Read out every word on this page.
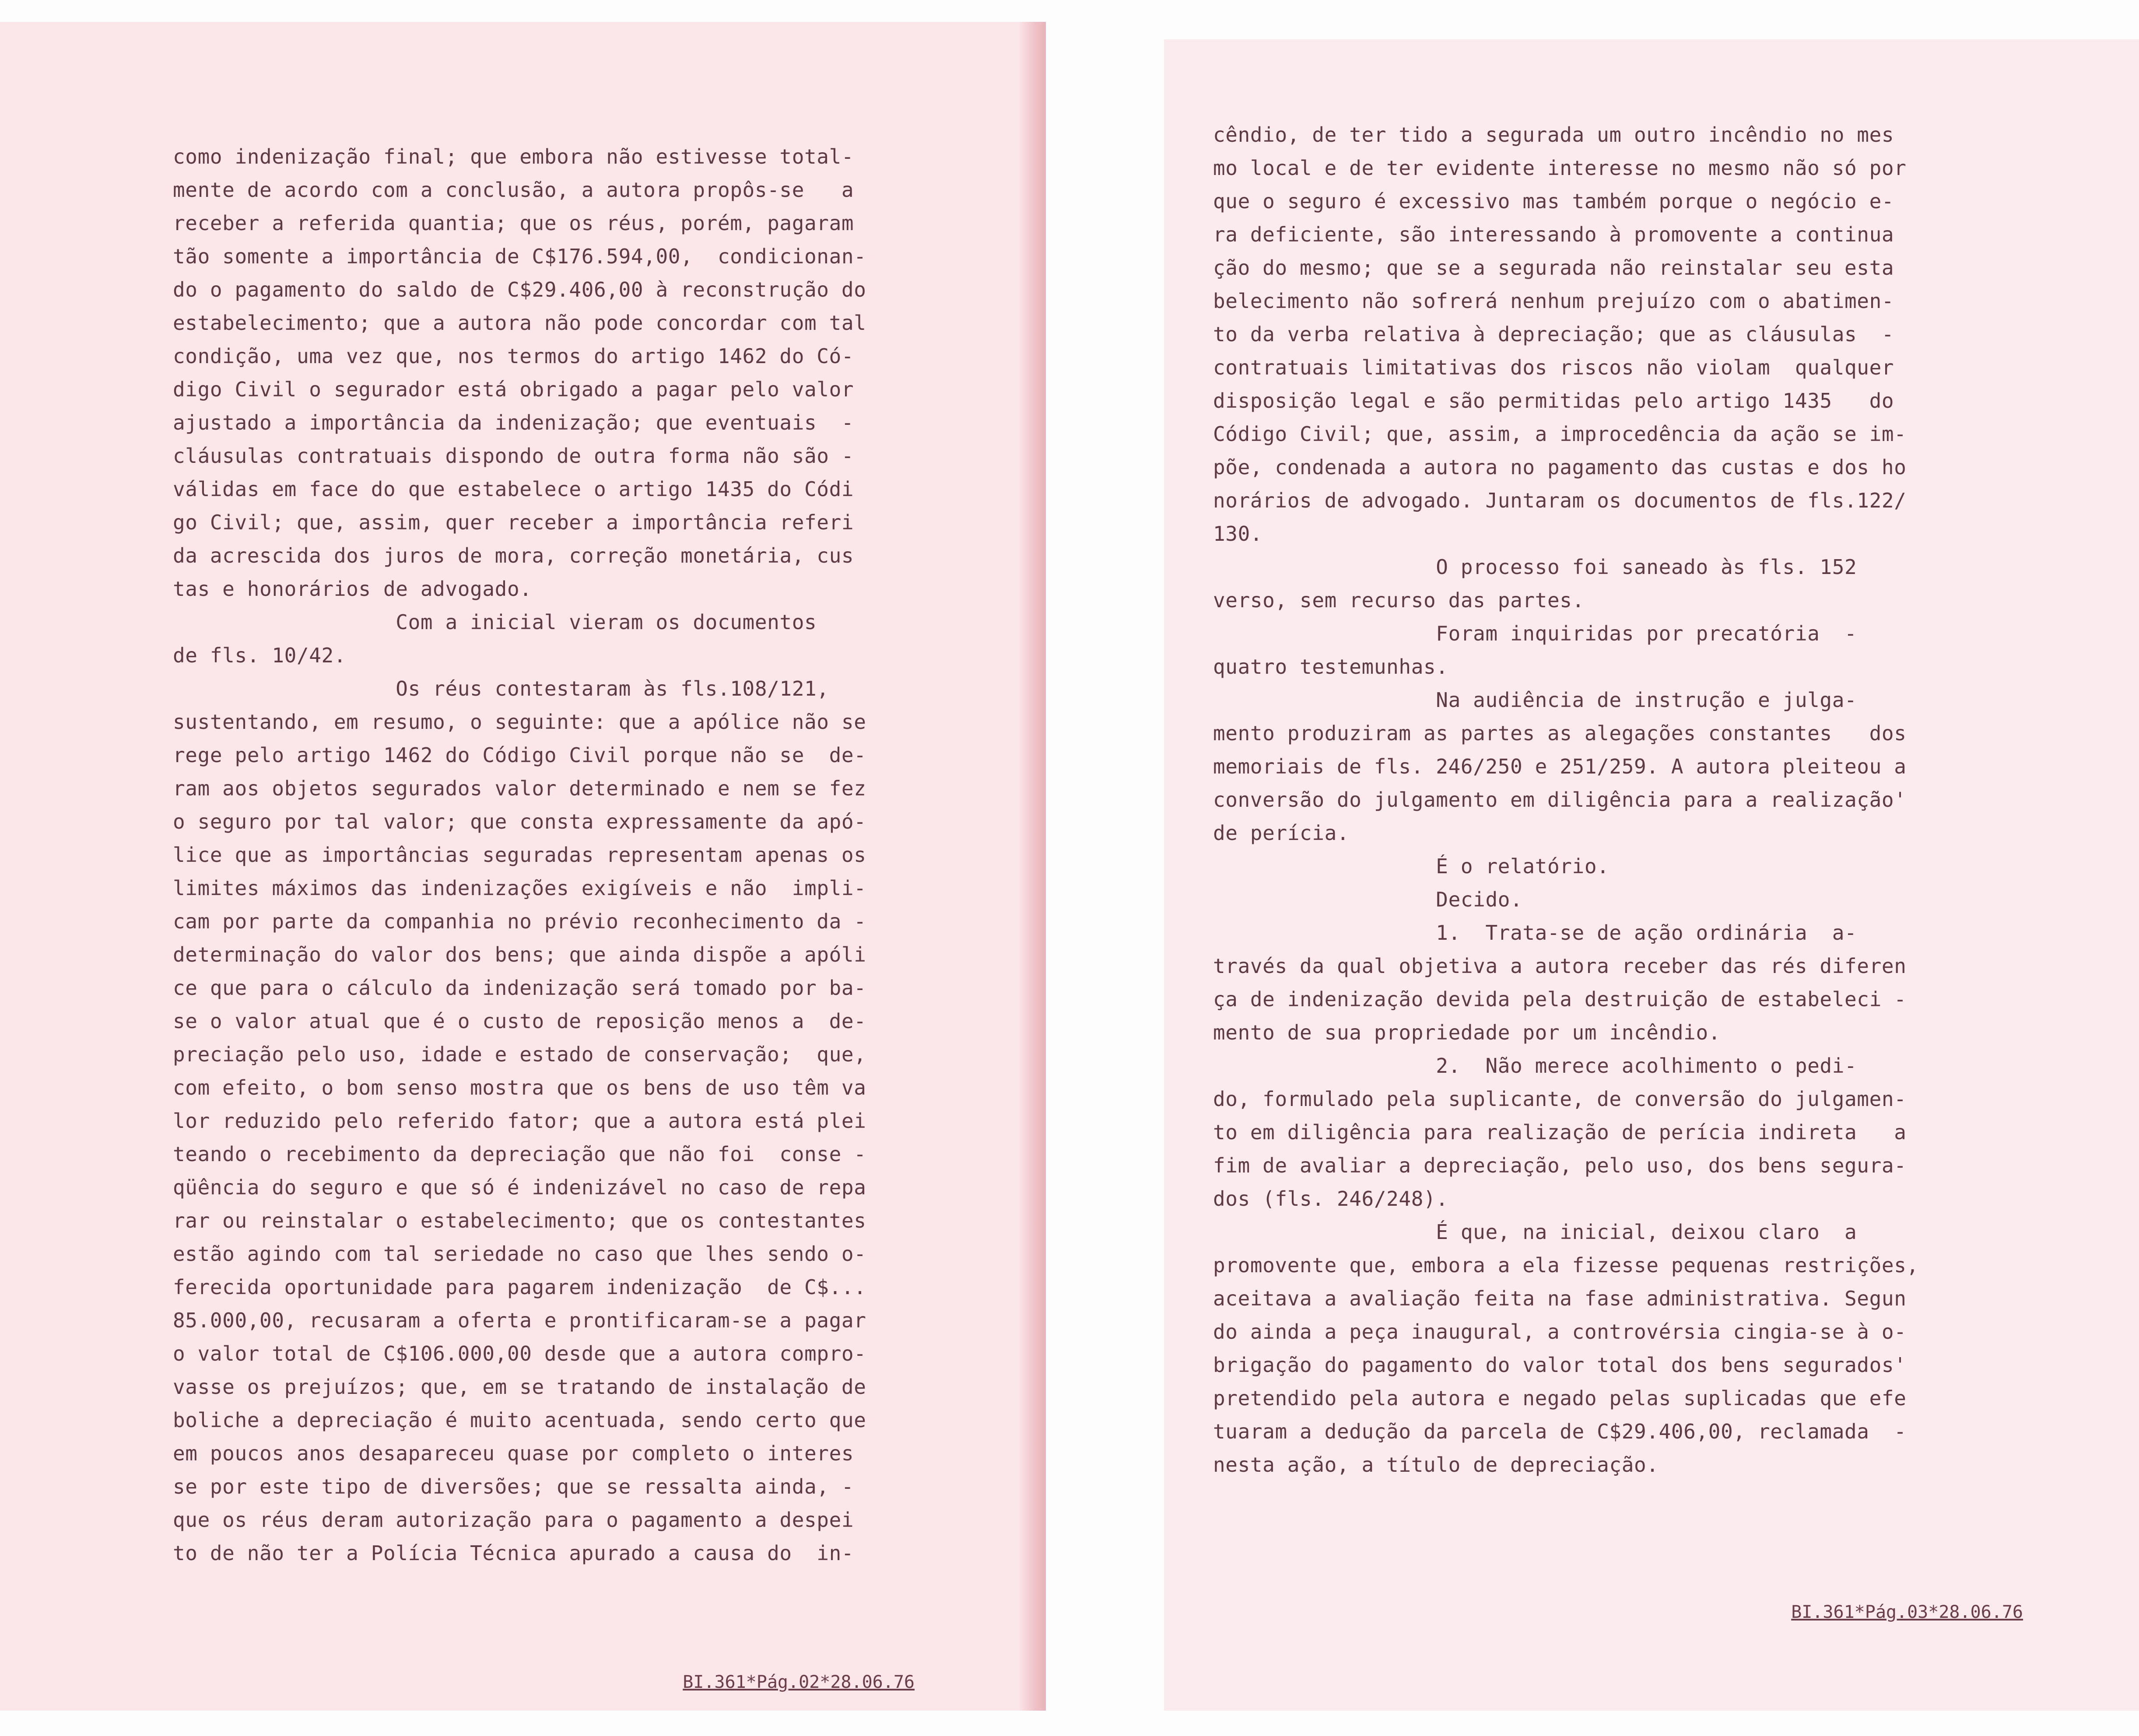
como indenização final; que embora não estivesse total-
mente de acordo com a conclusão, a autora propôs-se   a
receber a referida quantia; que os réus, porém, pagaram
tão somente a importância de C$176.594,00,  condicionan-
do o pagamento do saldo de C$29.406,00 à reconstrução do
estabelecimento; que a autora não pode concordar com tal
condição, uma vez que, nos termos do artigo 1462 do Có-
digo Civil o segurador está obrigado a pagar pelo valor
ajustado a importância da indenização; que eventuais  -
cláusulas contratuais dispondo de outra forma não são -
válidas em face do que estabelece o artigo 1435 do Códi
go Civil; que, assim, quer receber a importância referi
da acrescida dos juros de mora, correção monetária, cus
tas e honorários de advogado.
Com a inicial vieram os documentos
de fls. 10/42.
Os réus contestaram às fls.108/121,
sustentando, em resumo, o seguinte: que a apólice não se
rege pelo artigo 1462 do Código Civil porque não se  de-
ram aos objetos segurados valor determinado e nem se fez
o seguro por tal valor; que consta expressamente da apó-
lice que as importâncias seguradas representam apenas os
limites máximos das indenizações exigíveis e não  impli-
cam por parte da companhia no prévio reconhecimento da -
determinação do valor dos bens; que ainda dispõe a apóli
ce que para o cálculo da indenização será tomado por ba-
se o valor atual que é o custo de reposição menos a  de-
preciação pelo uso, idade e estado de conservação;  que,
com efeito, o bom senso mostra que os bens de uso têm va
lor reduzido pelo referido fator; que a autora está plei
teando o recebimento da depreciação que não foi  conse -
qüência do seguro e que só é indenizável no caso de repa
rar ou reinstalar o estabelecimento; que os contestantes
estão agindo com tal seriedade no caso que lhes sendo o-
ferecida oportunidade para pagarem indenização  de C$...
85.000,00, recusaram a oferta e prontificaram-se a pagar
o valor total de C$106.000,00 desde que a autora compro-
vasse os prejuízos; que, em se tratando de instalação de
boliche a depreciação é muito acentuada, sendo certo que
em poucos anos desapareceu quase por completo o interes
se por este tipo de diversões; que se ressalta ainda, -
que os réus deram autorização para o pagamento a despei
to de não ter a Polícia Técnica apurado a causa do  in-
BI.361*Pág.02*28.06.76
cêndio, de ter tido a segurada um outro incêndio no mes
mo local e de ter evidente interesse no mesmo não só por
que o seguro é excessivo mas também porque o negócio e-
ra deficiente, são interessando à promovente a continua
ção do mesmo; que se a segurada não reinstalar seu esta
belecimento não sofrerá nenhum prejuízo com o abatimen-
to da verba relativa à depreciação; que as cláusulas  -
contratuais limitativas dos riscos não violam  qualquer
disposição legal e são permitidas pelo artigo 1435   do
Código Civil; que, assim, a improcedência da ação se im-
põe, condenada a autora no pagamento das custas e dos ho
norários de advogado. Juntaram os documentos de fls.122/
130.
O processo foi saneado às fls. 152
verso, sem recurso das partes.
Foram inquiridas por precatória  -
quatro testemunhas.
Na audiência de instrução e julga-
mento produziram as partes as alegações constantes   dos
memoriais de fls. 246/250 e 251/259. A autora pleiteou a
conversão do julgamento em diligência para a realização'
de perícia.
É o relatório.
Decido.
1.  Trata-se de ação ordinária  a-
través da qual objetiva a autora receber das rés diferen
ça de indenização devida pela destruição de estabeleci -
mento de sua propriedade por um incêndio.
2.  Não merece acolhimento o pedi-
do, formulado pela suplicante, de conversão do julgamen-
to em diligência para realização de perícia indireta   a
fim de avaliar a depreciação, pelo uso, dos bens segura-
dos (fls. 246/248).
É que, na inicial, deixou claro  a
promovente que, embora a ela fizesse pequenas restrições,
aceitava a avaliação feita na fase administrativa. Segun
do ainda a peça inaugural, a controvérsia cingia-se à o-
brigação do pagamento do valor total dos bens segurados'
pretendido pela autora e negado pelas suplicadas que efe
tuaram a dedução da parcela de C$29.406,00, reclamada  -
nesta ação, a título de depreciação.
BI.361*Pág.03*28.06.76
